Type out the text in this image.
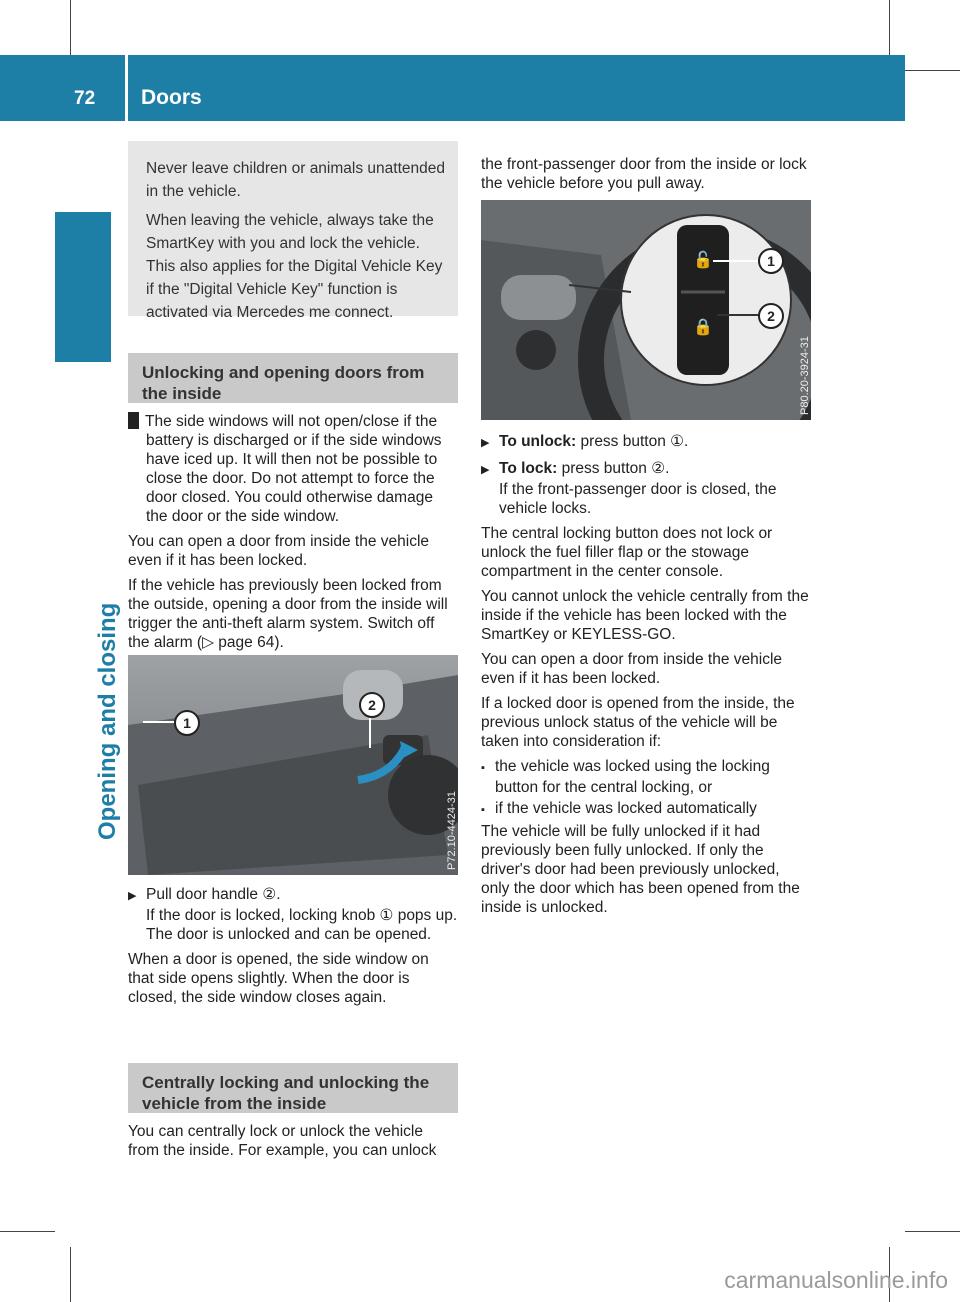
72 Doors
Opening and closing

Never leave children or animals unattended in the vehicle.

When leaving the vehicle, always take the SmartKey with you and lock the vehicle. This also applies for the Digital Vehicle Key if the "Digital Vehicle Key" function is activated via Mercedes me connect.

Unlocking and opening doors from the inside

! The side windows will not open/close if the battery is discharged or if the side windows have iced up. It will then not be possible to close the door. Do not attempt to force the door closed. You could otherwise damage the door or the side window.

You can open a door from inside the vehicle even if it has been locked.

If the vehicle has previously been locked from the outside, opening a door from the inside will trigger the anti-theft alarm system. Switch off the alarm (▷ page 64).

1
2
P72.10-4424-31

▶ Pull door handle ②.
If the door is locked, locking knob ① pops up. The door is unlocked and can be opened.

When a door is opened, the side window on that side opens slightly. When the door is closed, the side window closes again.

Centrally locking and unlocking the vehicle from the inside

You can centrally lock or unlock the vehicle from the inside. For example, you can unlock

the front-passenger door from the inside or lock the vehicle before you pull away.

🔓
🔒
1
2
P80.20-3924-31

▶ To unlock: press button ①.

▶ To lock: press button ②.
If the front-passenger door is closed, the vehicle locks.

The central locking button does not lock or unlock the fuel filler flap or the stowage compartment in the center console.

You cannot unlock the vehicle centrally from the inside if the vehicle has been locked with the SmartKey or KEYLESS-GO.

You can open a door from inside the vehicle even if it has been locked.

If a locked door is opened from the inside, the previous unlock status of the vehicle will be taken into consideration if:

▪ the vehicle was locked using the locking button for the central locking, or

▪ if the vehicle was locked automatically

The vehicle will be fully unlocked if it had previously been fully unlocked. If only the driver's door had been previously unlocked, only the door which has been opened from the inside is unlocked.

carmanualsonline.info
